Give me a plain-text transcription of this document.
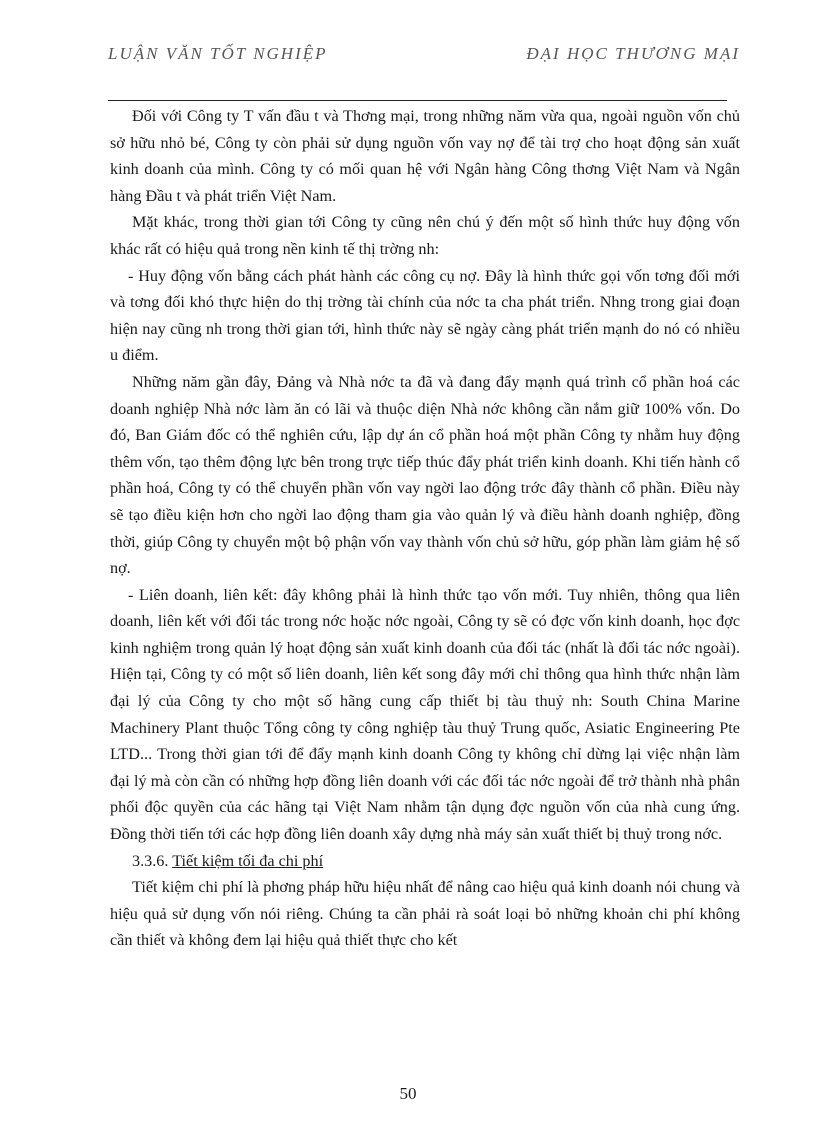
LUẬN VĂN TỐT NGHIỆP	ĐẠI HỌC THƯƠNG MẠI

Đối với Công ty T vấn đầu t và Thơng mại, trong những năm vừa qua, ngoài nguồn vốn chủ sở hữu nhỏ bé, Công ty còn phải sử dụng nguồn vốn vay nợ để tài trợ cho hoạt động sản xuất kinh doanh của mình. Công ty có mối quan hệ với Ngân hàng Công thơng Việt Nam và Ngân hàng Đầu t và phát triển Việt Nam.

Mặt khác, trong thời gian tới Công ty cũng nên chú ý đến một số hình thức huy động vốn khác rất có hiệu quả trong nền kinh tế thị trờng nh:

- Huy động vốn bằng cách phát hành các công cụ nợ. Đây là hình thức gọi vốn tơng đối mới và tơng đối khó thực hiện do thị trờng tài chính của nớc ta cha phát triển. Nhng trong giai đoạn hiện nay cũng nh trong thời gian tới, hình thức này sẽ ngày càng phát triển mạnh do nó có nhiều u điểm.

Những năm gần đây, Đảng và Nhà nớc ta đã và đang đẩy mạnh quá trình cổ phần hoá các doanh nghiệp Nhà nớc làm ăn có lãi và thuộc diện Nhà nớc không cần nắm giữ 100% vốn. Do đó, Ban Giám đốc có thể nghiên cứu, lập dự án cổ phần hoá một phần Công ty nhằm huy động thêm vốn, tạo thêm động lực bên trong trực tiếp thúc đẩy phát triển kinh doanh. Khi tiến hành cổ phần hoá, Công ty có thể chuyển phần vốn vay ngời lao động trớc đây thành cổ phần. Điều này sẽ tạo điều kiện hơn cho ngời lao động tham gia vào quản lý và điều hành doanh nghiệp, đồng thời, giúp Công ty chuyển một bộ phận vốn vay thành vốn chủ sở hữu, góp phần làm giảm hệ số nợ.

- Liên doanh, liên kết: đây không phải là hình thức tạo vốn mới. Tuy nhiên, thông qua liên doanh, liên kết với đối tác trong nớc hoặc nớc ngoài, Công ty sẽ có đợc vốn kinh doanh, học đợc kinh nghiệm trong quản lý hoạt động sản xuất kinh doanh của đối tác (nhất là đối tác nớc ngoài). Hiện tại, Công ty có một số liên doanh, liên kết song đây mới chỉ thông qua hình thức nhận làm đại lý của Công ty cho một số hãng cung cấp thiết bị tàu thuỷ nh: South China Marine Machinery Plant thuộc Tổng công ty công nghiệp tàu thuỷ Trung quốc, Asiatic Engineering Pte LTD... Trong thời gian tới để đẩy mạnh kinh doanh Công ty không chỉ dừng lại việc nhận làm đại lý mà còn cần có những hợp đồng liên doanh với các đối tác nớc ngoài để trở thành nhà phân phối độc quyền của các hãng tại Việt Nam nhằm tận dụng đợc nguồn vốn của nhà cung ứng. Đồng thời tiến tới các hợp đồng liên doanh xây dựng nhà máy sản xuất thiết bị thuỷ trong nớc.

3.3.6. Tiết kiệm tối đa chi phí

Tiết kiệm chi phí là phơng pháp hữu hiệu nhất để nâng cao hiệu quả kinh doanh nói chung và hiệu quả sử dụng vốn nói riêng. Chúng ta cần phải rà soát loại bỏ những khoản chi phí không cần thiết và không đem lại hiệu quả thiết thực cho kết

50
